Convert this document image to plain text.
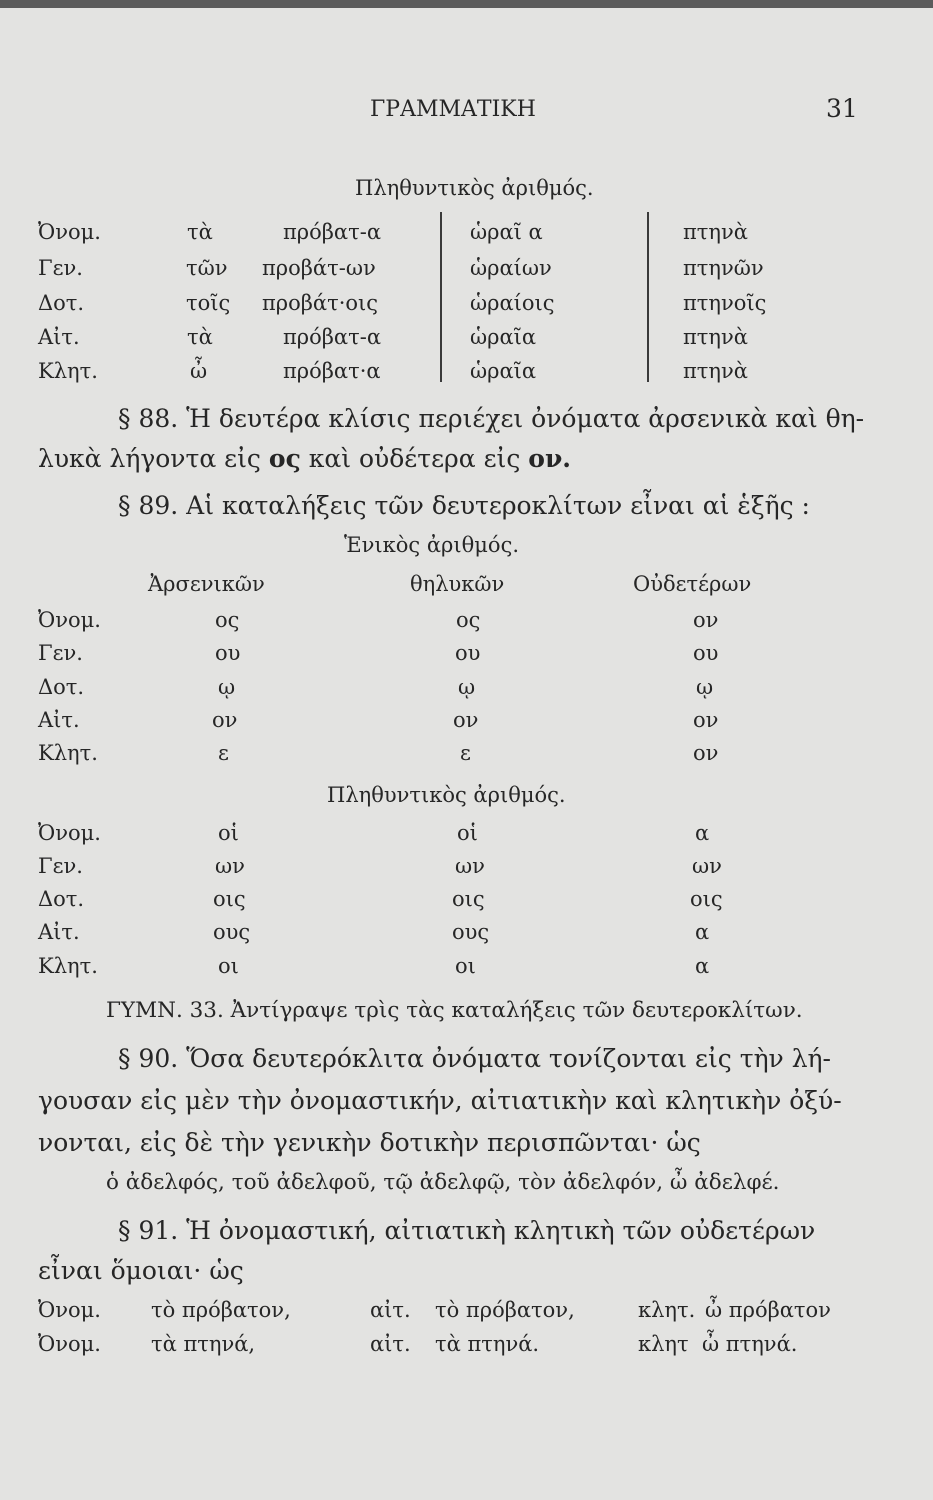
ΓΡΑΜΜΑΤΙΚΗ	31
Πληθυντικὸς ἀριθμός.
Ὀνομ.	τὰ	πρόβατ-α	ὡραῖ α	πτηνὰ
Γεν.	τῶν προβάτ-ων	ὡραίων	πτηνῶν
Δοτ.	τοῖς προβάτ·οις	ὡραίοις	πτηνοῖς
Αἰτ.	τὰ	πρόβατ-α	ὡραῖα	πτηνὰ
Κλητ.	ὦ	πρόβατ·α	ὡραῖα	πτηνὰ
§ 88. Ἡ δευτέρα κλίσις περιέχει ὀνόματα ἀρσενικὰ καὶ θη-
λυκὰ λήγοντα εἰς ος καὶ οὐδέτερα εἰς ον.
§ 89. Αἱ καταλήξεις τῶν δευτεροκλίτων εἶναι αἱ ἑξῆς :
Ἑνικὸς ἀριθμός.
Ἀρσενικῶν	θηλυκῶν	Οὐδετέρων
Ὀνομ.	ος	ος	ον
Γεν.	ου	ου	ου
Δοτ.	ῳ	ῳ	ῳ
Αἰτ.	ον	ον	ον
Κλητ.	ε	ε	ον
Πληθυντικὸς ἀριθμός.
Ὀνομ.	οἱ	οἱ	α
Γεν.	ων	ων	ων
Δοτ.	οις	οις	οις
Αἰτ.	ους	ους	α
Κλητ.	οι	οι	α
ΓΥΜΝ. 33. Ἀντίγραψε τρὶς τὰς καταλήξεις τῶν δευτεροκλίτων.
§ 90. Ὅσα δευτερόκλιτα ὀνόματα τονίζονται εἰς τὴν λή-
γουσαν εἰς μὲν τὴν ὀνομαστικήν, αἰτιατικὴν καὶ κλητικὴν ὀξύ-
νονται, εἰς δὲ τὴν γενικὴν δοτικὴν περισπῶνται· ὡς
ὁ ἀδελφός, τοῦ ἀδελφοῦ, τῷ ἀδελφῷ, τὸν ἀδελφόν, ὦ ἀδελφέ.
§ 91. Ἡ ὀνομαστική, αἰτιατικὴ κλητικὴ τῶν οὐδετέρων
εἶναι ὅμοιαι· ὡς
Ὀνομ. τὸ πρόβατον,	αἰτ. τὸ πρόβατον,	κλητ. ὦ πρόβατον
Ὀνομ. τὰ πτηνά,	αἰτ. τὰ πτηνά.	κλητ ὦ πτηνά.
